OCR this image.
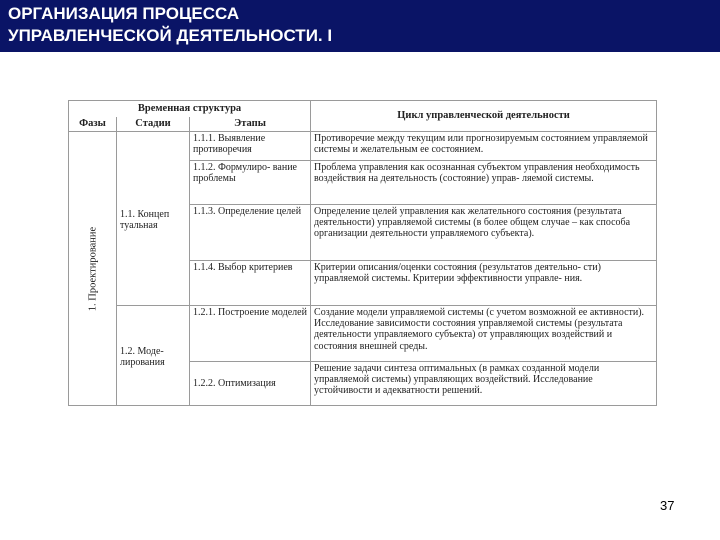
ОРГАНИЗАЦИЯ ПРОЦЕССА
УПРАВЛЕНЧЕСКОЙ ДЕЯТЕЛЬНОСТИ. I
Временная структура			Цикл управленческой деятельности
Фазы	Стадии	Этапы	

1. Проектирование	1.1. Концеп туальная	1.1.1. Выявление противоречия	Противоречие между текущим или прогнозируемым состоянием управляемой системы и желательным ее состоянием.
		1.1.2. Формулиро- вание проблемы	Проблема управления как осознанная субъектом управления необходимость воздействия на деятельность (состояние) управ- ляемой системы.
		1.1.3. Определение целей	Определение целей управления как желательного состояния (результата деятельности) управляемой системы (в более общем случае – как способа организации деятельности управляемого субъекта).
		1.1.4. Выбор критериев	Критерии описания/оценки состояния (результатов деятельно- сти) управляемой системы. Критерии эффективности управле- ния.
	1.2. Моде- лирования	1.2.1. Построение моделей	Создание модели управляемой системы (с учетом возможной ее активности). Исследование зависимости состояния управляемой системы (результата деятельности управляемого субъекта) от управляющих воздействий и состояния внешней среды.
		1.2.2. Оптимизация	Решение задачи синтеза оптимальных (в рамках созданной модели управляемой системы) управляющих воздействий. Исследование устойчивости и адекватности решений.
37
